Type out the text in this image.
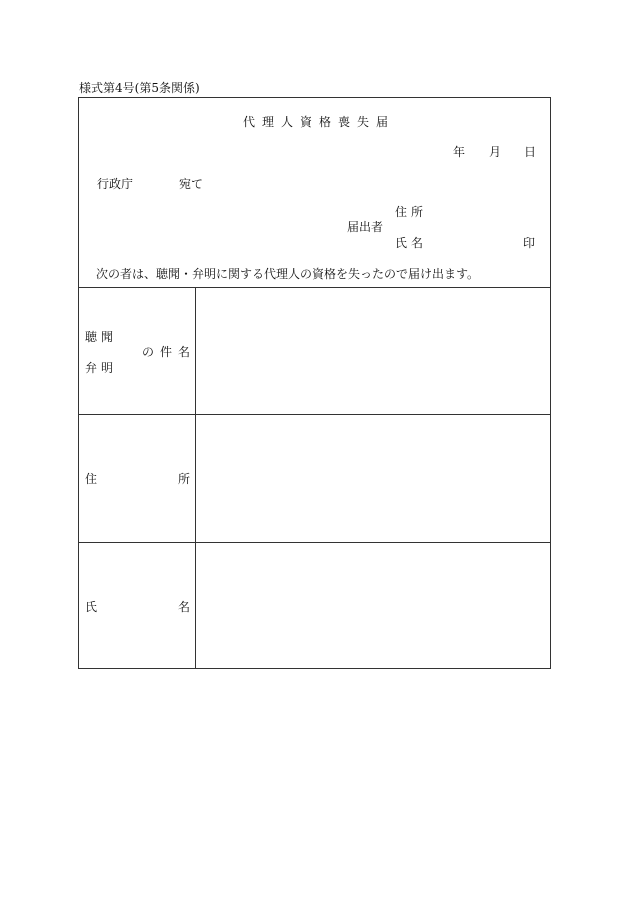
様式第4号(第5条関係)
代理人資格喪失届
年 月 日
行政庁	宛て
住所
届出者
氏名	印
次の者は、聴聞・弁明に関する代理人の資格を失ったので届け出ます。
聴 聞
弁 明
の件名
住	所
氏	名
